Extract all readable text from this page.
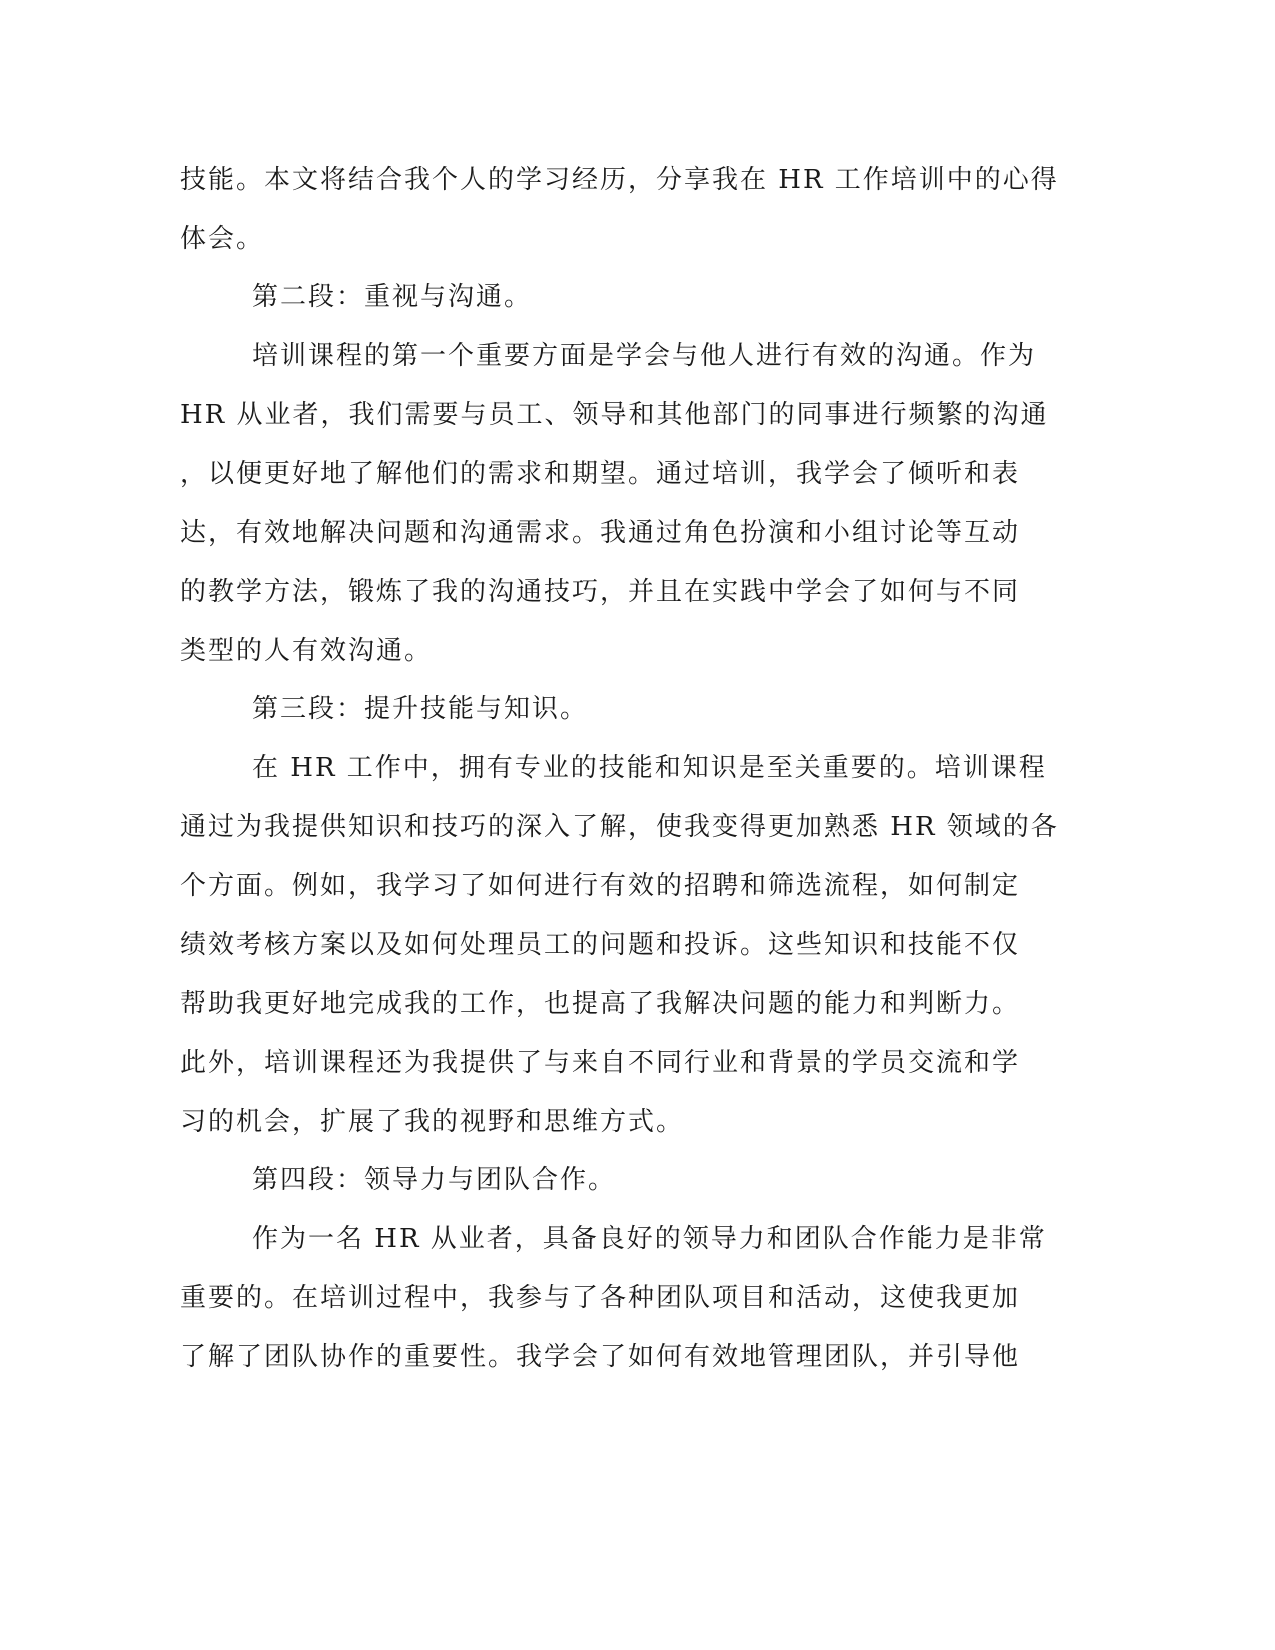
技能。本文将结合我个人的学习经历，分享我在 HR 工作培训中的心得
体会。
第二段：重视与沟通。
培训课程的第一个重要方面是学会与他人进行有效的沟通。作为
HR 从业者，我们需要与员工、领导和其他部门的同事进行频繁的沟通
，以便更好地了解他们的需求和期望。通过培训，我学会了倾听和表
达，有效地解决问题和沟通需求。我通过角色扮演和小组讨论等互动
的教学方法，锻炼了我的沟通技巧，并且在实践中学会了如何与不同
类型的人有效沟通。
第三段：提升技能与知识。
在 HR 工作中，拥有专业的技能和知识是至关重要的。培训课程
通过为我提供知识和技巧的深入了解，使我变得更加熟悉 HR 领域的各
个方面。例如，我学习了如何进行有效的招聘和筛选流程，如何制定
绩效考核方案以及如何处理员工的问题和投诉。这些知识和技能不仅
帮助我更好地完成我的工作，也提高了我解决问题的能力和判断力。
此外，培训课程还为我提供了与来自不同行业和背景的学员交流和学
习的机会，扩展了我的视野和思维方式。
第四段：领导力与团队合作。
作为一名 HR 从业者，具备良好的领导力和团队合作能力是非常
重要的。在培训过程中，我参与了各种团队项目和活动，这使我更加
了解了团队协作的重要性。我学会了如何有效地管理团队，并引导他
